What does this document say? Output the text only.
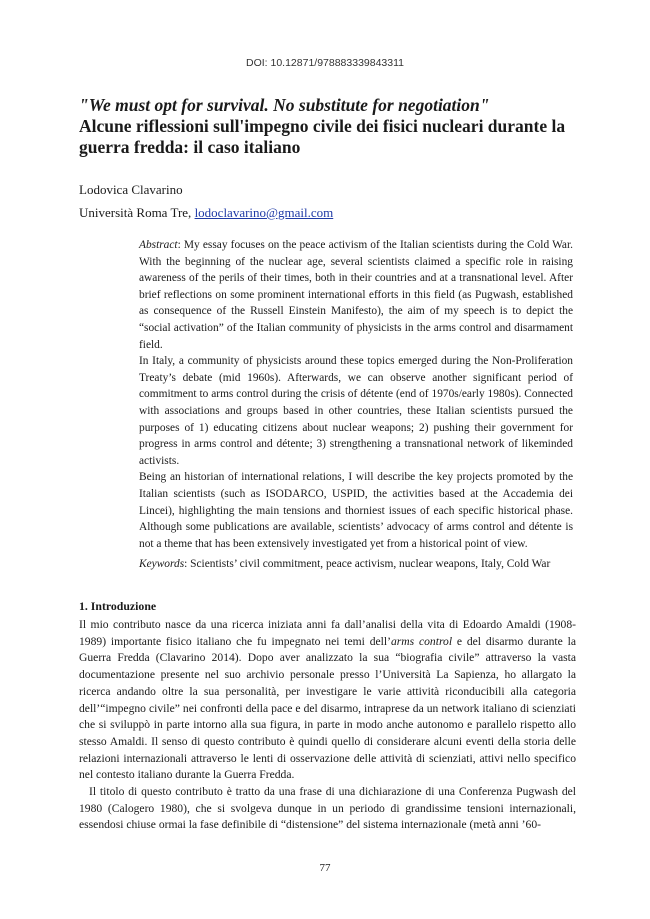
DOI: 10.12871/978883339843311
"We must opt for survival. No substitute for negotiation"
Alcune riflessioni sull'impegno civile dei fisici nucleari durante la guerra fredda: il caso italiano
Lodovica Clavarino
Università Roma Tre, lodoclavarino@gmail.com

Abstract: My essay focuses on the peace activism of the Italian scientists during the Cold War. With the beginning of the nuclear age, several scientists claimed a specific role in raising awareness of the perils of their times, both in their countries and at a transnational level. After brief reflections on some prominent international efforts in this field (as Pugwash, established as consequence of the Russell Einstein Manifesto), the aim of my speech is to depict the “social activation” of the Italian community of physicists in the arms control and disarmament field.

In Italy, a community of physicists around these topics emerged during the Non-Proliferation Treaty’s debate (mid 1960s). Afterwards, we can observe another significant period of commitment to arms control during the crisis of détente (end of 1970s/early 1980s). Connected with associations and groups based in other countries, these Italian scientists pursued the purposes of 1) educating citizens about nuclear weapons; 2) pushing their government for progress in arms control and détente; 3) strengthening a transnational network of likeminded activists.

Being an historian of international relations, I will describe the key projects promoted by the Italian scientists (such as ISODARCO, USPID, the activities based at the Accademia dei Lincei), highlighting the main tensions and thorniest issues of each specific historical phase. Although some publications are available, scientists’ advocacy of arms control and détente is not a theme that has been extensively investigated yet from a historical point of view.

Keywords: Scientists’ civil commitment, peace activism, nuclear weapons, Italy, Cold War
1. Introduzione

Il mio contributo nasce da una ricerca iniziata anni fa dall’analisi della vita di Edoardo Amaldi (1908-1989) importante fisico italiano che fu impegnato nei temi dell’arms control e del disarmo durante la Guerra Fredda (Clavarino 2014). Dopo aver analizzato la sua “biografia civile” attraverso la vasta documentazione presente nel suo archivio personale presso l’Università La Sapienza, ho allargato la ricerca andando oltre la sua personalità, per investigare le varie attività riconducibili alla categoria dell’“impegno civile” nei confronti della pace e del disarmo, intraprese da un network italiano di scienziati che si sviluppò in parte intorno alla sua figura, in parte in modo anche autonomo e parallelo rispetto allo stesso Amaldi. Il senso di questo contributo è quindi quello di considerare alcuni eventi della storia delle relazioni internazionali attraverso le lenti di osservazione delle attività di scienziati, attivi nello specifico nel contesto italiano durante la Guerra Fredda.

Il titolo di questo contributo è tratto da una frase di una dichiarazione di una Conferenza Pugwash del 1980 (Calogero 1980), che si svolgeva dunque in un periodo di grandissime tensioni internazionali, essendosi chiuse ormai la fase definibile di “distensione” del sistema internazionale (metà anni ’60-

77
